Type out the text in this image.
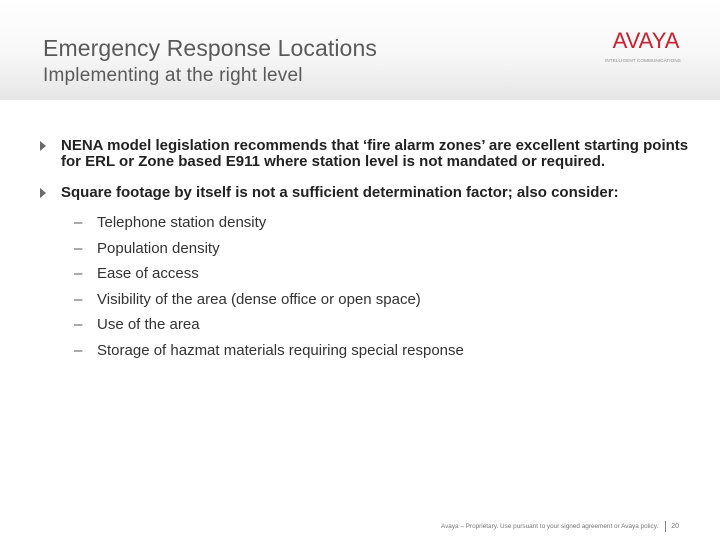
Emergency Response Locations
Implementing at the right level
AVAYA
INTELLIGENT COMMUNICATIONS
NENA model legislation recommends that ‘fire alarm zones’ are excellent starting points for ERL or Zone based E911 where station level is not mandated or required.
Square footage by itself is not a sufficient determination factor; also consider:
– Telephone station density
– Population density
– Ease of access
– Visibility of the area (dense office or open space)
– Use of the area
– Storage of hazmat materials requiring special response
Avaya – Proprietary. Use pursuant to your signed agreement or Avaya policy. 20
